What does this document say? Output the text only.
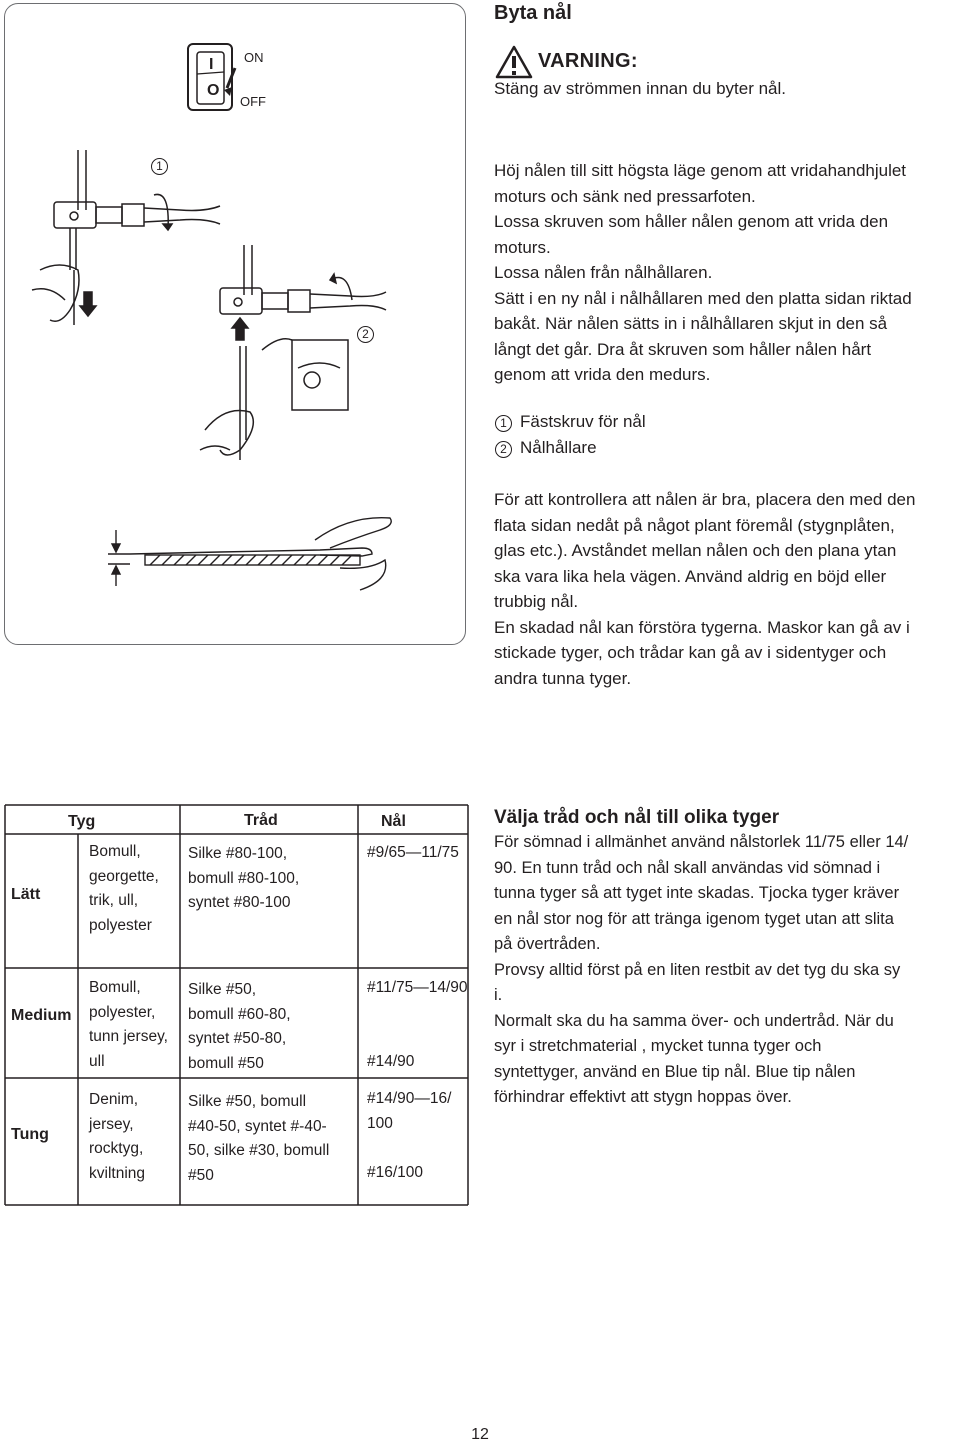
Byta nål
I
O
ON
OFF
VARNING:
Stäng av strömmen innan du byter nål.
1
2

Höj nålen till sitt högsta läge genom att vridahandhjulet

moturs och sänk ned pressarfoten.

Lossa skruven som håller nålen genom att vrida den

moturs.

Lossa nålen från nålhållaren.

Sätt i en ny nål i nålhållaren med den platta sidan riktad

bakåt. När nålen sätts in i nålhållaren skjut in den så

långt det går. Dra åt skruven som håller nålen hårt

genom att vrida den medurs.

1 Fästskruv för nål
2 Nålhållare

För att kontrollera att nålen är bra, placera den med den

flata sidan nedåt på något plant föremål (stygnplåten,

glas etc.). Avståndet mellan nålen och den plana ytan

ska vara lika hela vägen. Använd aldrig en böjd eller

trubbig nål.

En skadad nål kan förstöra tygerna. Maskor kan gå av i

stickade tyger, och trådar kan gå av i sidentyger och

andra tunna tyger.

Tyg	Tråd	Nål
Lätt
Bomull,
georgette,
trik, ull,
polyester
Silke #80-100,
bomull #80-100,
syntet #80-100
#9/65—11/75
Medium
Bomull,
polyester,
tunn jersey,
ull
Silke #50,
bomull #60-80,
syntet #50-80,
bomull #50
#11/75—14/90
#14/90
Tung
Denim,
jersey,
rocktyg,
kviltning
Silke #50, bomull
#40-50, syntet #-40-
50, silke #30, bomull
#50
#14/90—16/
100
#16/100
Välja tråd och nål till olika tyger

För sömnad i allmänhet använd nålstorlek 11/75 eller 14/

90. En tunn tråd och nål skall användas vid sömnad i

tunna tyger så att tyget inte skadas. Tjocka tyger kräver

en nål stor nog för att tränga igenom tyget utan att slita

på övertråden.

Provsy alltid först på en liten restbit av det tyg du ska sy

i.

Normalt ska du ha samma över- och undertråd. När du

syr i stretchmaterial , mycket tunna tyger och

syntettyger, använd en Blue tip nål. Blue tip nålen

förhindrar effektivt att stygn hoppas över.

12
